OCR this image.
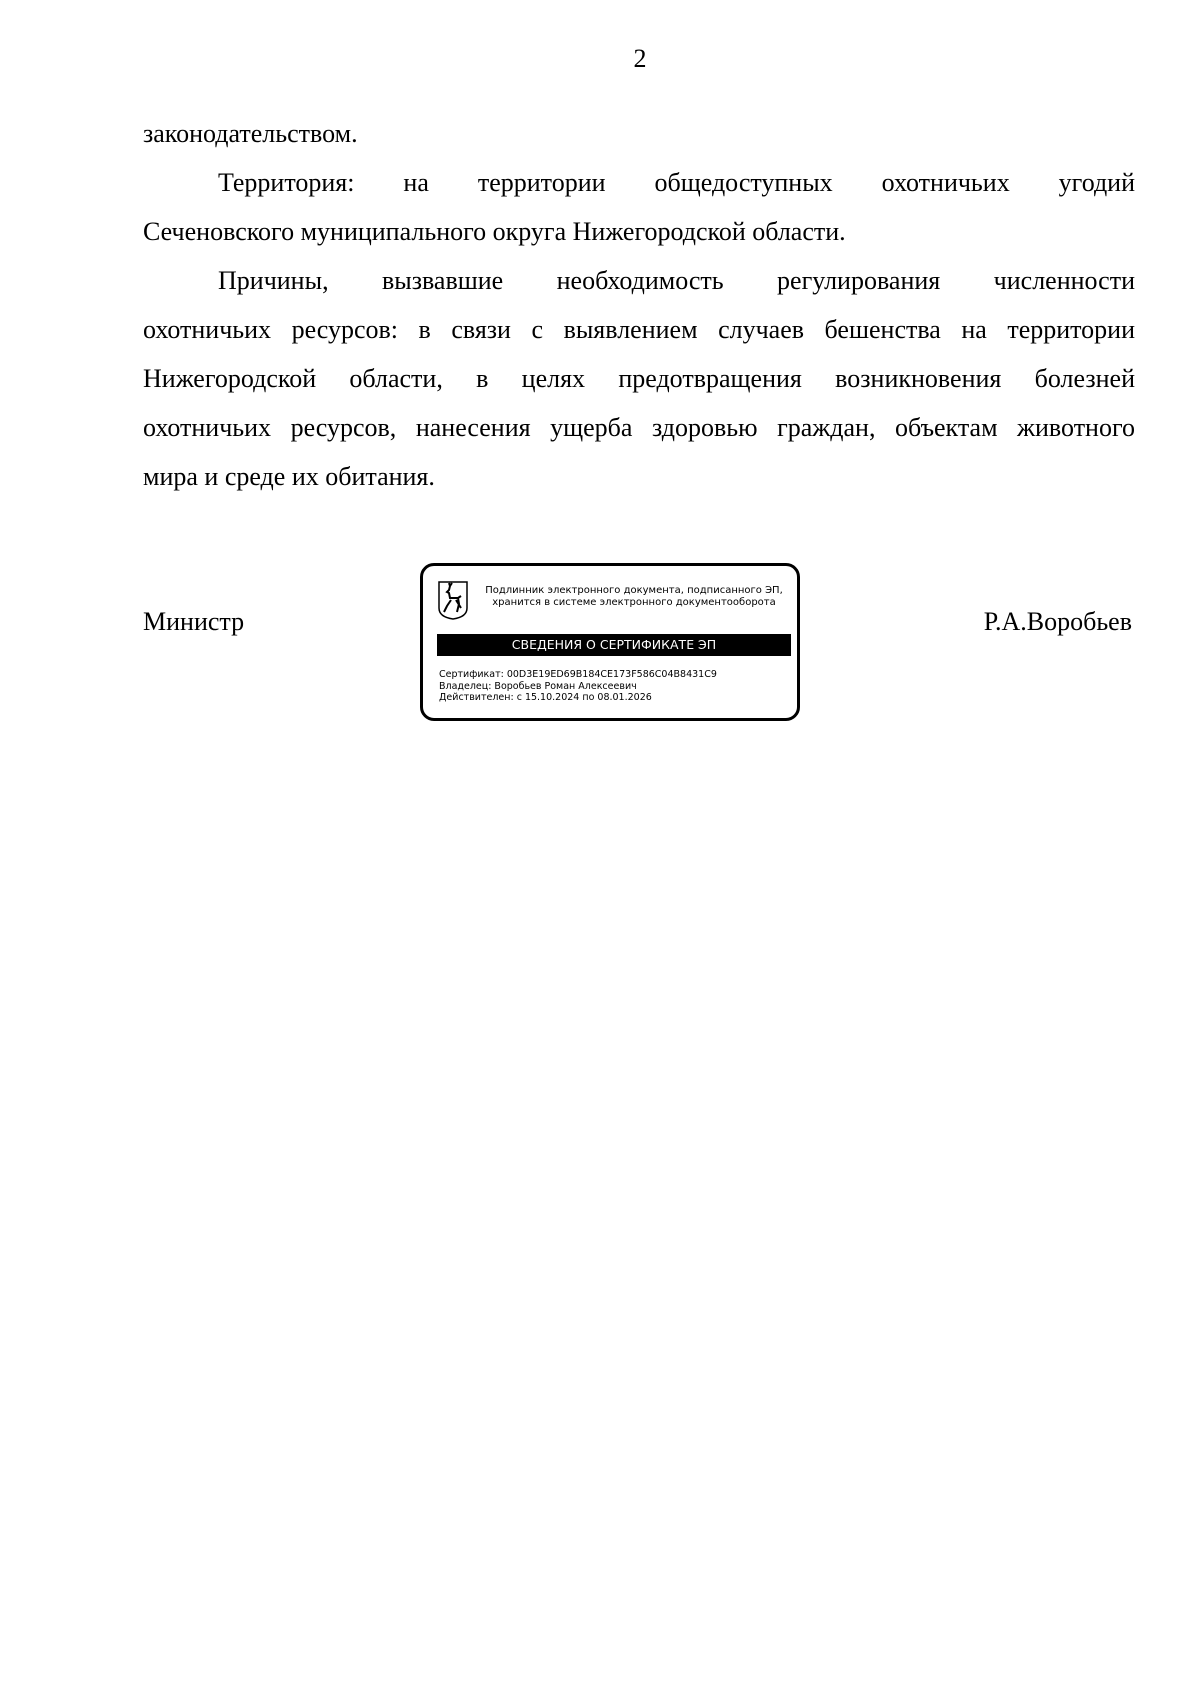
2
законодательством.
Территория: на территории общедоступных охотничьих угодий
Сеченовского муниципального округа Нижегородской области.
Причины, вызвавшие необходимость регулирования численности
охотничьих ресурсов: в связи с выявлением случаев бешенства на территории
Нижегородской области, в целях предотвращения возникновения болезней
охотничьих ресурсов, нанесения ущерба здоровью граждан, объектам животного
мира и среде их обитания.
Министр	Р.А.Воробьев
Подлинник электронного документа, подписанного ЭП,
хранится в системе электронного документооборота
СВЕДЕНИЯ О СЕРТИФИКАТЕ ЭП
Сертификат: 00D3E19ED69B184CE173F586C04B8431C9
Владелец: Воробьев Роман Алексеевич
Действителен: с 15.10.2024 по 08.01.2026
